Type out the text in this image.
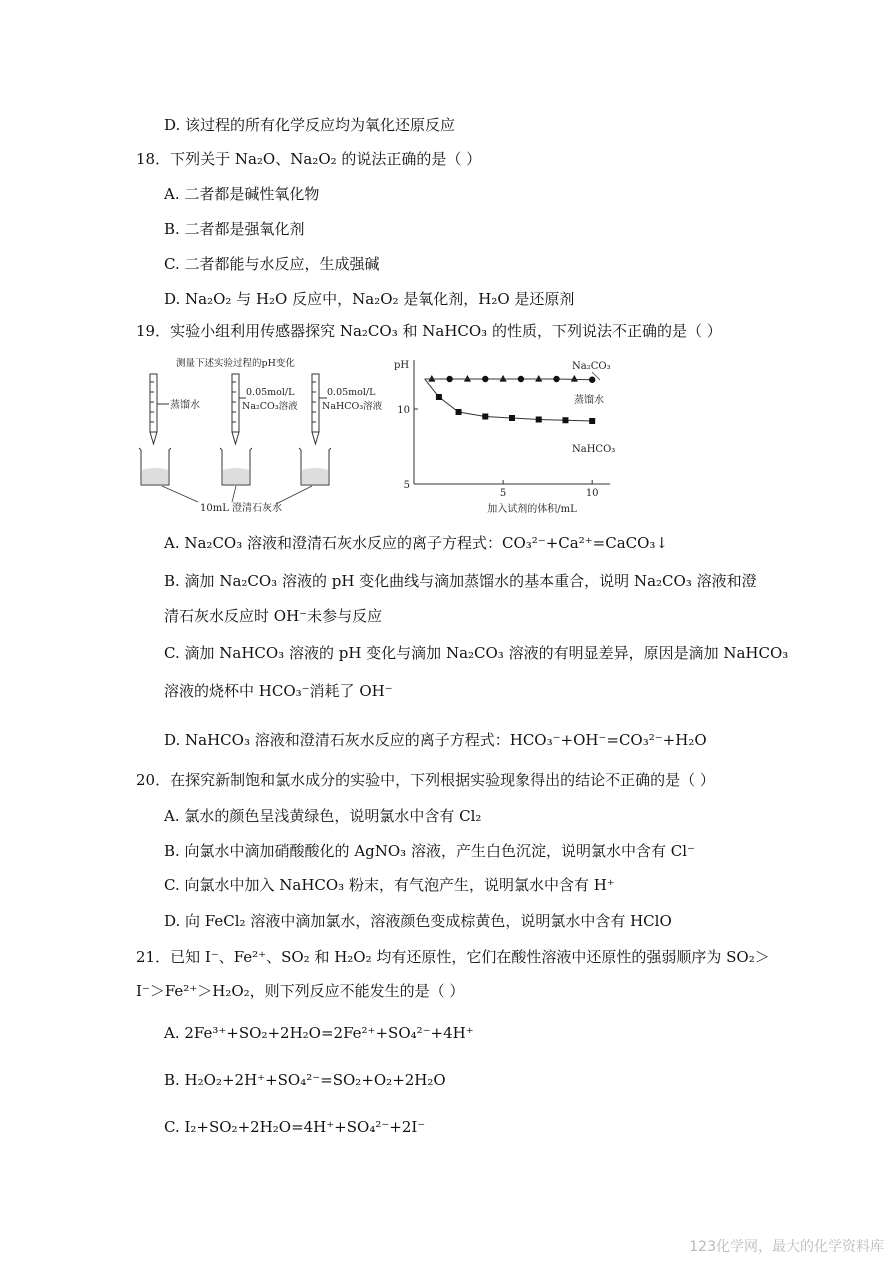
D. 该过程的所有化学反应均为氧化还原反应
18．下列关于 Na₂O、Na₂O₂ 的说法正确的是（ ）
A. 二者都是碱性氧化物
B. 二者都是强氧化剂
C. 二者都能与水反应，生成强碱
D. Na₂O₂ 与 H₂O 反应中，Na₂O₂ 是氧化剂，H₂O 是还原剂
19．实验小组利用传感器探究 Na₂CO₃ 和 NaHCO₃ 的性质，下列说法不正确的是（ ）
测量下述实验过程的pH变化
蒸馏水
0.05mol/L
Na₂CO₃溶液
0.05mol/L
NaHCO₃溶液
10mL 澄清石灰水
pH
5
10
5	10
加入试剂的体积/mL
Na₂CO₃
蒸馏水
NaHCO₃
A. Na₂CO₃ 溶液和澄清石灰水反应的离子方程式：CO₃²⁻+Ca²⁺=CaCO₃↓
B. 滴加 Na₂CO₃ 溶液的 pH 变化曲线与滴加蒸馏水的基本重合，说明 Na₂CO₃ 溶液和澄
清石灰水反应时 OH⁻未参与反应
C. 滴加 NaHCO₃ 溶液的 pH 变化与滴加 Na₂CO₃ 溶液的有明显差异，原因是滴加 NaHCO₃
溶液的烧杯中 HCO₃⁻消耗了 OH⁻
D. NaHCO₃ 溶液和澄清石灰水反应的离子方程式：HCO₃⁻+OH⁻=CO₃²⁻+H₂O
20．在探究新制饱和氯水成分的实验中，下列根据实验现象得出的结论不正确的是（ ）
A. 氯水的颜色呈浅黄绿色，说明氯水中含有 Cl₂
B. 向氯水中滴加硝酸酸化的 AgNO₃ 溶液，产生白色沉淀，说明氯水中含有 Cl⁻
C. 向氯水中加入 NaHCO₃ 粉末，有气泡产生，说明氯水中含有 H⁺
D. 向 FeCl₂ 溶液中滴加氯水，溶液颜色变成棕黄色，说明氯水中含有 HClO
21．已知 I⁻、Fe²⁺、SO₂ 和 H₂O₂ 均有还原性，它们在酸性溶液中还原性的强弱顺序为 SO₂＞
I⁻＞Fe²⁺＞H₂O₂，则下列反应不能发生的是（ ）
A. 2Fe³⁺+SO₂+2H₂O=2Fe²⁺+SO₄²⁻+4H⁺
B. H₂O₂+2H⁺+SO₄²⁻=SO₂+O₂+2H₂O
C. I₂+SO₂+2H₂O=4H⁺+SO₄²⁻+2I⁻
123化学网，最大的化学资料库
